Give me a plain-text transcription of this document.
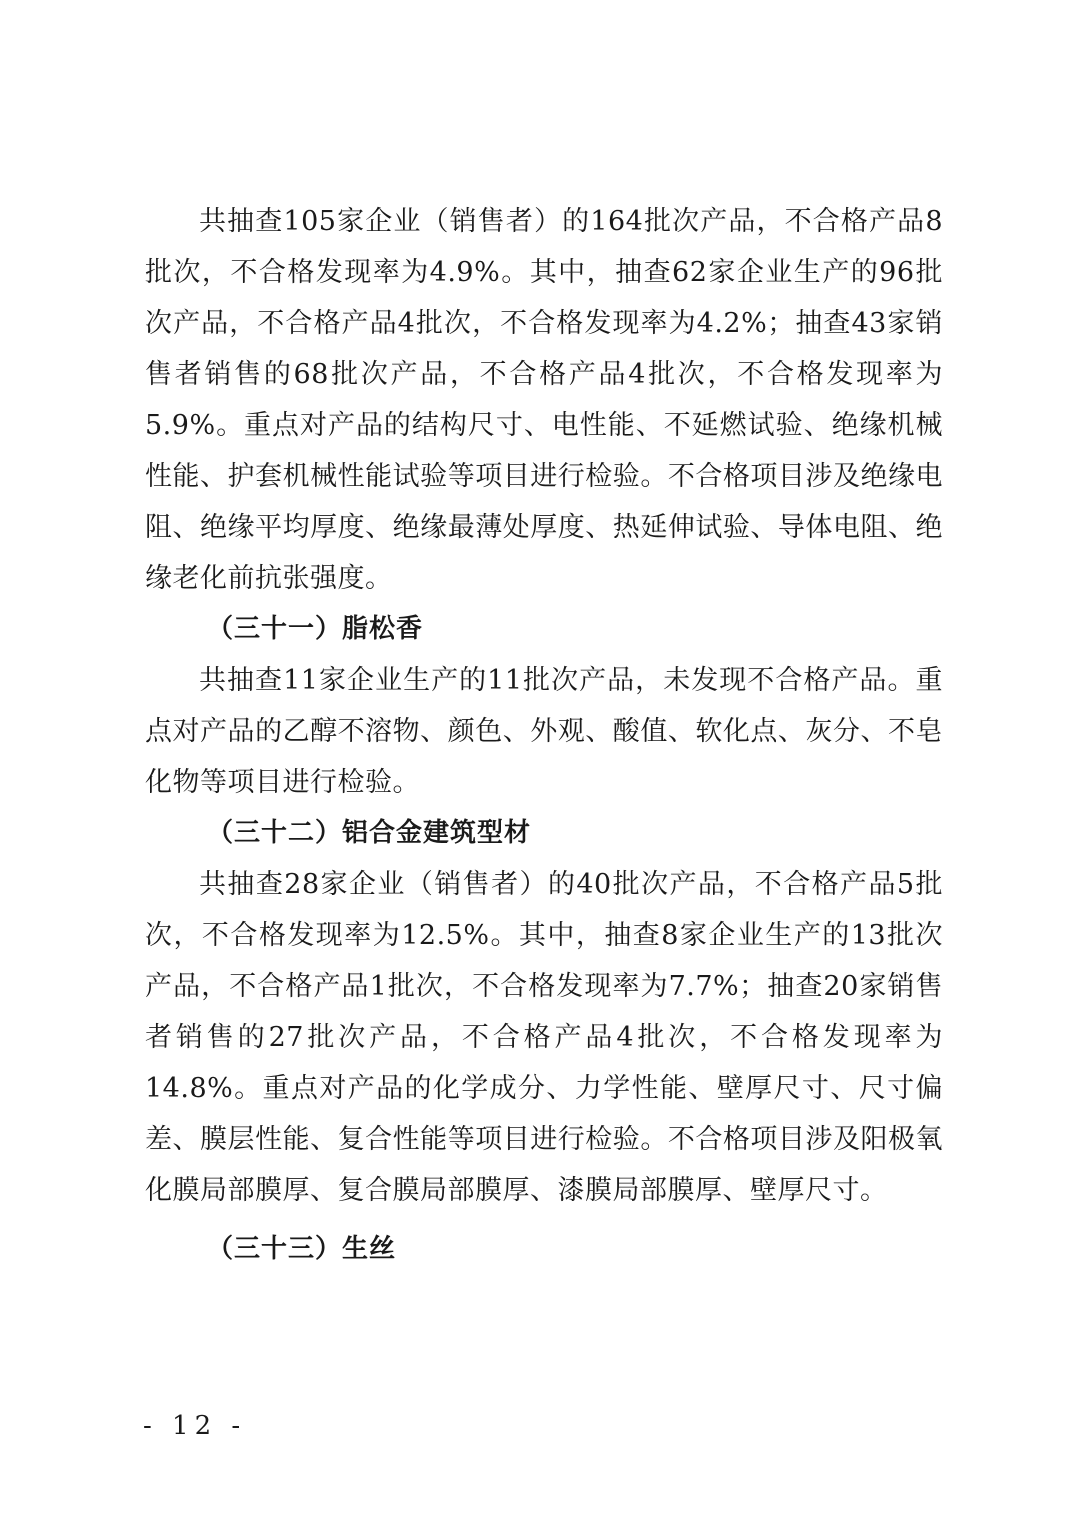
共抽查105家企业（销售者）的164批次产品，不合格产品8批次，不合格发现率为4.9%。其中，抽查62家企业生产的96批次产品，不合格产品4批次，不合格发现率为4.2%；抽查43家销售者销售的68批次产品，不合格产品4批次，不合格发现率为5.9%。重点对产品的结构尺寸、电性能、不延燃试验、绝缘机械性能、护套机械性能试验等项目进行检验。不合格项目涉及绝缘电阻、绝缘平均厚度、绝缘最薄处厚度、热延伸试验、导体电阻、绝缘老化前抗张强度。

（三十一）脂松香

共抽查11家企业生产的11批次产品，未发现不合格产品。重点对产品的乙醇不溶物、颜色、外观、酸值、软化点、灰分、不皂化物等项目进行检验。

（三十二）铝合金建筑型材

共抽查28家企业（销售者）的40批次产品，不合格产品5批次，不合格发现率为12.5%。其中，抽查8家企业生产的13批次产品，不合格产品1批次，不合格发现率为7.7%；抽查20家销售者销售的27批次产品，不合格产品4批次，不合格发现率为14.8%。重点对产品的化学成分、力学性能、壁厚尺寸、尺寸偏差、膜层性能、复合性能等项目进行检验。不合格项目涉及阳极氧化膜局部膜厚、复合膜局部膜厚、漆膜局部膜厚、壁厚尺寸。

（三十三）生丝
- 12 -
